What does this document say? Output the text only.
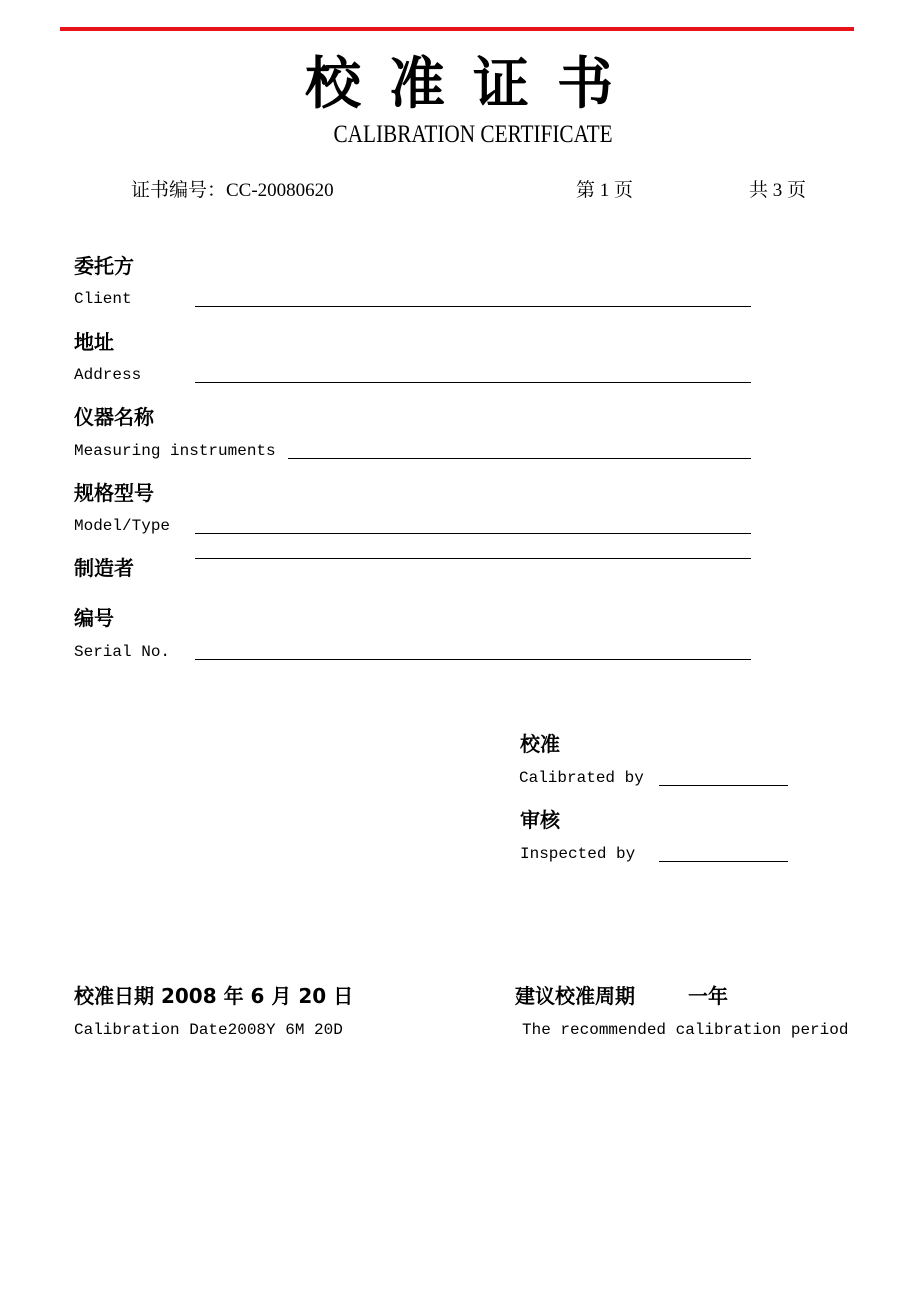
校准证书
CALIBRATION CERTIFICATE
证书编号：CC-20080620	第 1 页	共 3 页
委托方
Client
地址
Address
仪器名称
Measuring instruments
规格型号
Model/Type
制造者
编号
Serial No.
校准
Calibrated by
审核
Inspected by
校准日期 2008 年 6 月 20 日
Calibration Date2008Y 6M 20D
建议校准周期	一年
The recommended calibration period
